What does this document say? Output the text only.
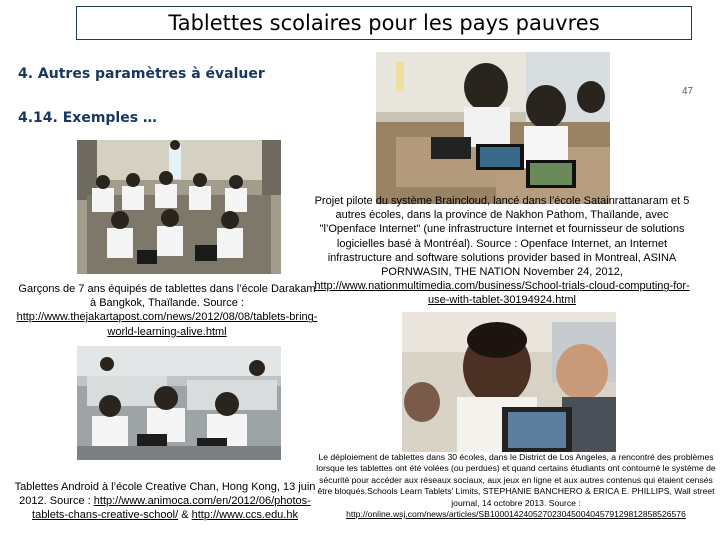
Tablettes scolaires pour les pays pauvres
4. Autres paramètres à évaluer
47
4.14. Exemples …
Projet pilote du système Braincloud, lancé dans l’école Satainrattanaram et 5 autres écoles, dans la province de Nakhon Pathom, Thaïlande, avec "l’Openface Internet" (une infrastructure Internet et fournisseur de solutions logicielles basé à Montréal). Source : Openface Internet, an Internet infrastructure and software solutions provider based in Montreal, ASINA PORNWASIN, THE NATION November 24, 2012, http://www.nationmultimedia.com/business/School-trials-cloud-computing-for-use-with-tablet-30194924.html
Garçons de 7 ans équipés de tablettes dans l’école Darakam à Bangkok, Thaïlande. Source : http://www.thejakartapost.com/news/2012/08/08/tablets-bring-world-learning-alive.html
Tablettes Android à l’école Creative Chan, Hong Kong, 13 juin 2012. Source : http://www.animoca.com/en/2012/06/photos-tablets-chans-creative-school/ & http://www.ccs.edu.hk
Le déploiement de tablettes dans 30 écoles, dans le District de Los Angeles, a rencontré des problèmes lorsque les tablettes ont été volées (ou perdues) et quand certains étudiants ont contourné le système de sécurité pour accéder aux réseaux sociaux, aux jeux en ligne et aux autres contenus qui étaient censés être bloqués.Schools Learn Tablets' Limits, STEPHANIE BANCHERO & ERICA E. PHILLIPS, Wall street journal, 14 octobre 2013. Source : http://online.wsj.com/news/articles/SB10001424052702304500404579129812858526576
